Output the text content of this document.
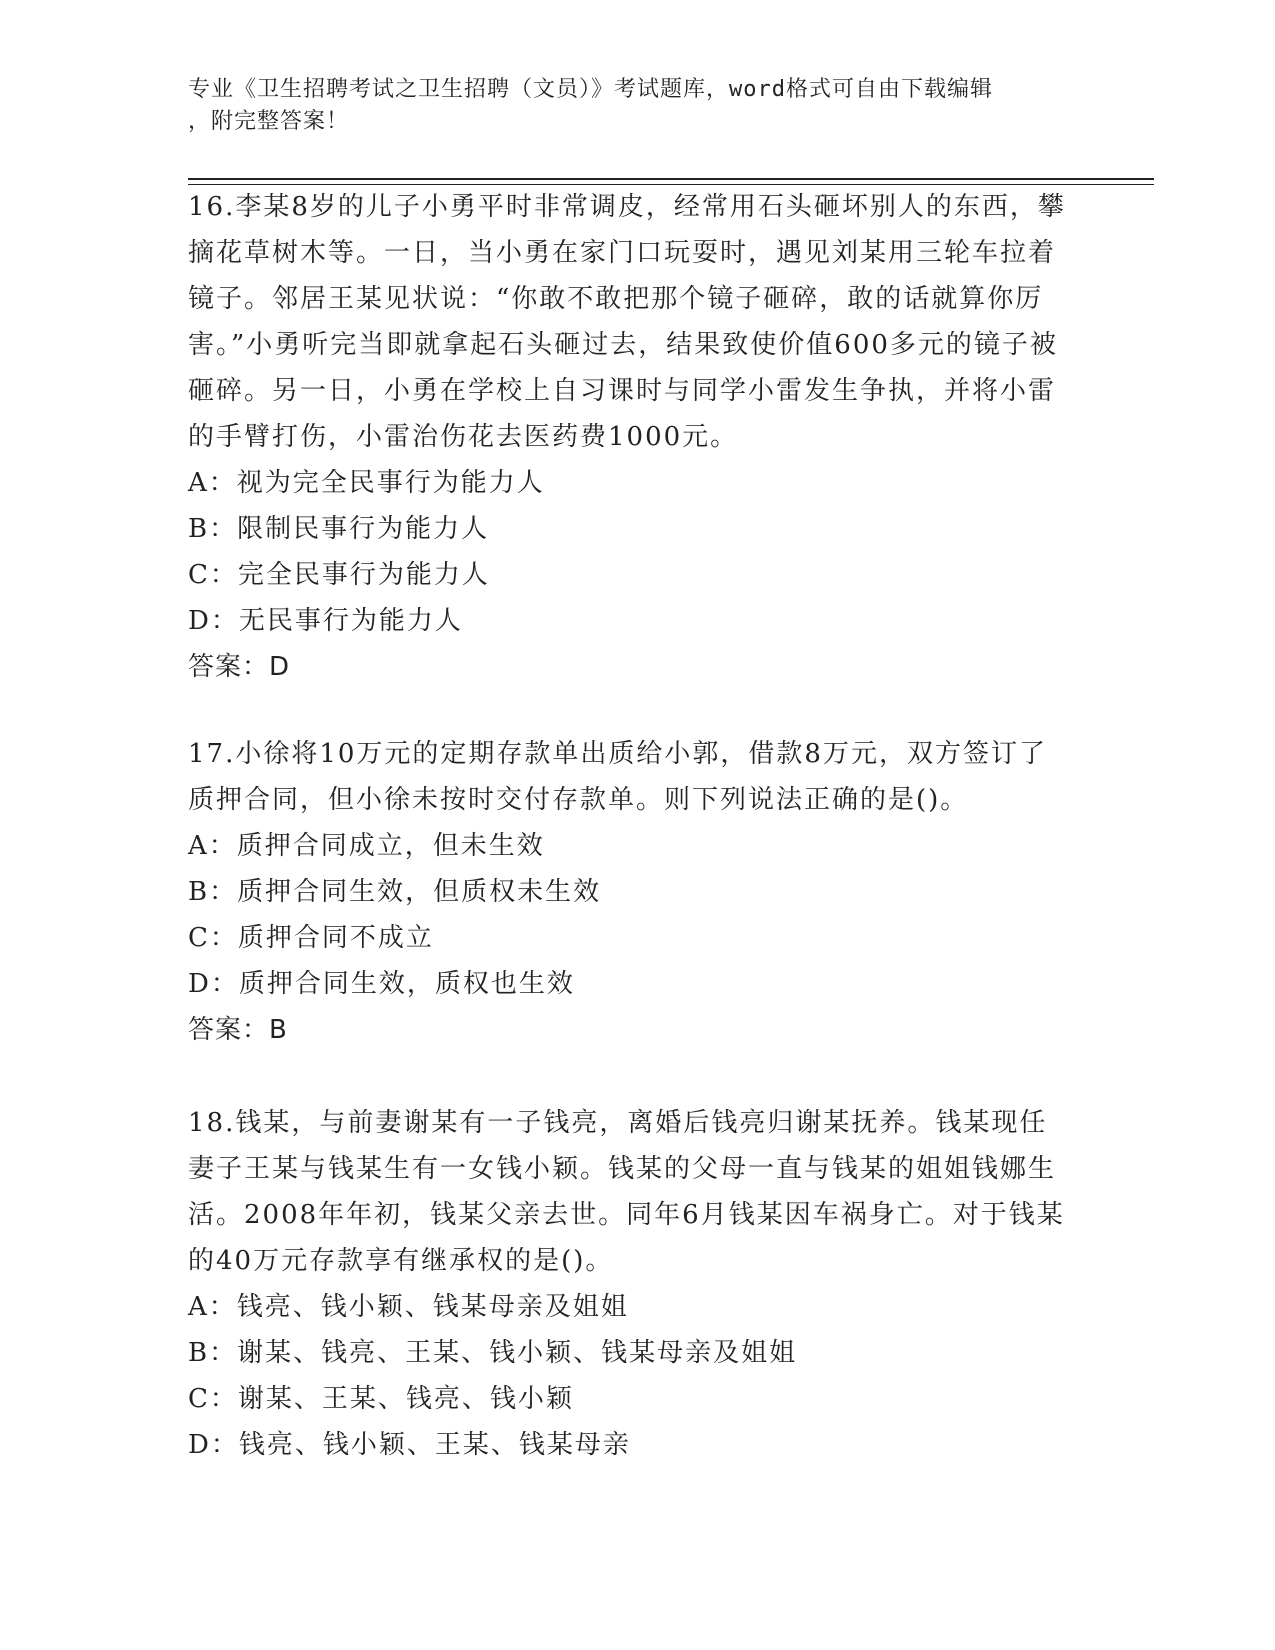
专业《卫生招聘考试之卫生招聘（文员）》考试题库，word格式可自由下载编辑
，附完整答案！
16.李某8岁的儿子小勇平时非常调皮，经常用石头砸坏别人的东西，攀摘花草树木等。一日，当小勇在家门口玩耍时，遇见刘某用三轮车拉着镜子。邻居王某见状说：“你敢不敢把那个镜子砸碎，敢的话就算你厉害。”小勇听完当即就拿起石头砸过去，结果致使价值600多元的镜子被砸碎。另一日，小勇在学校上自习课时与同学小雷发生争执，并将小雷的手臂打伤，小雷治伤花去医药费1000元。
A：视为完全民事行为能力人
B：限制民事行为能力人
C：完全民事行为能力人
D：无民事行为能力人
答案：D
17.小徐将10万元的定期存款单出质给小郭，借款8万元，双方签订了质押合同，但小徐未按时交付存款单。则下列说法正确的是()。
A：质押合同成立，但未生效
B：质押合同生效，但质权未生效
C：质押合同不成立
D：质押合同生效，质权也生效
答案：B
18.钱某，与前妻谢某有一子钱亮，离婚后钱亮归谢某抚养。钱某现任妻子王某与钱某生有一女钱小颖。钱某的父母一直与钱某的姐姐钱娜生活。2008年年初，钱某父亲去世。同年6月钱某因车祸身亡。对于钱某的40万元存款享有继承权的是()。
A：钱亮、钱小颖、钱某母亲及姐姐
B：谢某、钱亮、王某、钱小颖、钱某母亲及姐姐
C：谢某、王某、钱亮、钱小颖
D：钱亮、钱小颖、王某、钱某母亲
